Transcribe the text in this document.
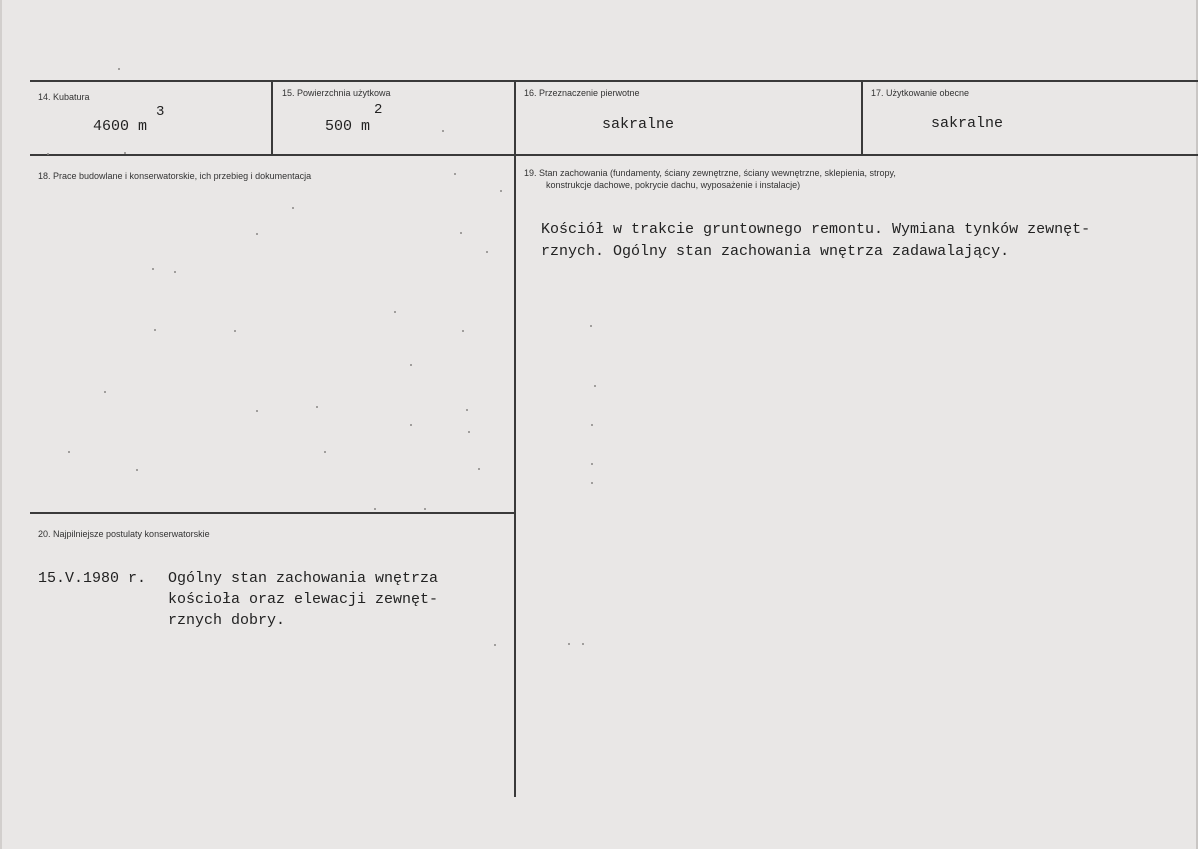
14. Kubatura
4600 m
3
15. Powierzchnia użytkowa
500 m
2
16. Przeznaczenie pierwotne
sakralne
17. Użytkowanie obecne
sakralne
18. Prace budowlane i konserwatorskie, ich przebieg i dokumentacja	19. Stan zachowania (fundamenty, ściany zewnętrzne, ściany wewnętrzne, sklepienia, stropy,
konstrukcje dachowe, pokrycie dachu, wyposażenie i instalacje)
Kościół w trakcie gruntownego remontu. Wymiana tynków zewnęt-
rznych. Ogólny stan zachowania wnętrza zadawalający.
20. Najpilniejsze postulaty konserwatorskie
15.V.1980 r. Ogólny stan zachowania wnętrza
kościoła oraz elewacji zewnęt-
rznych dobry.
